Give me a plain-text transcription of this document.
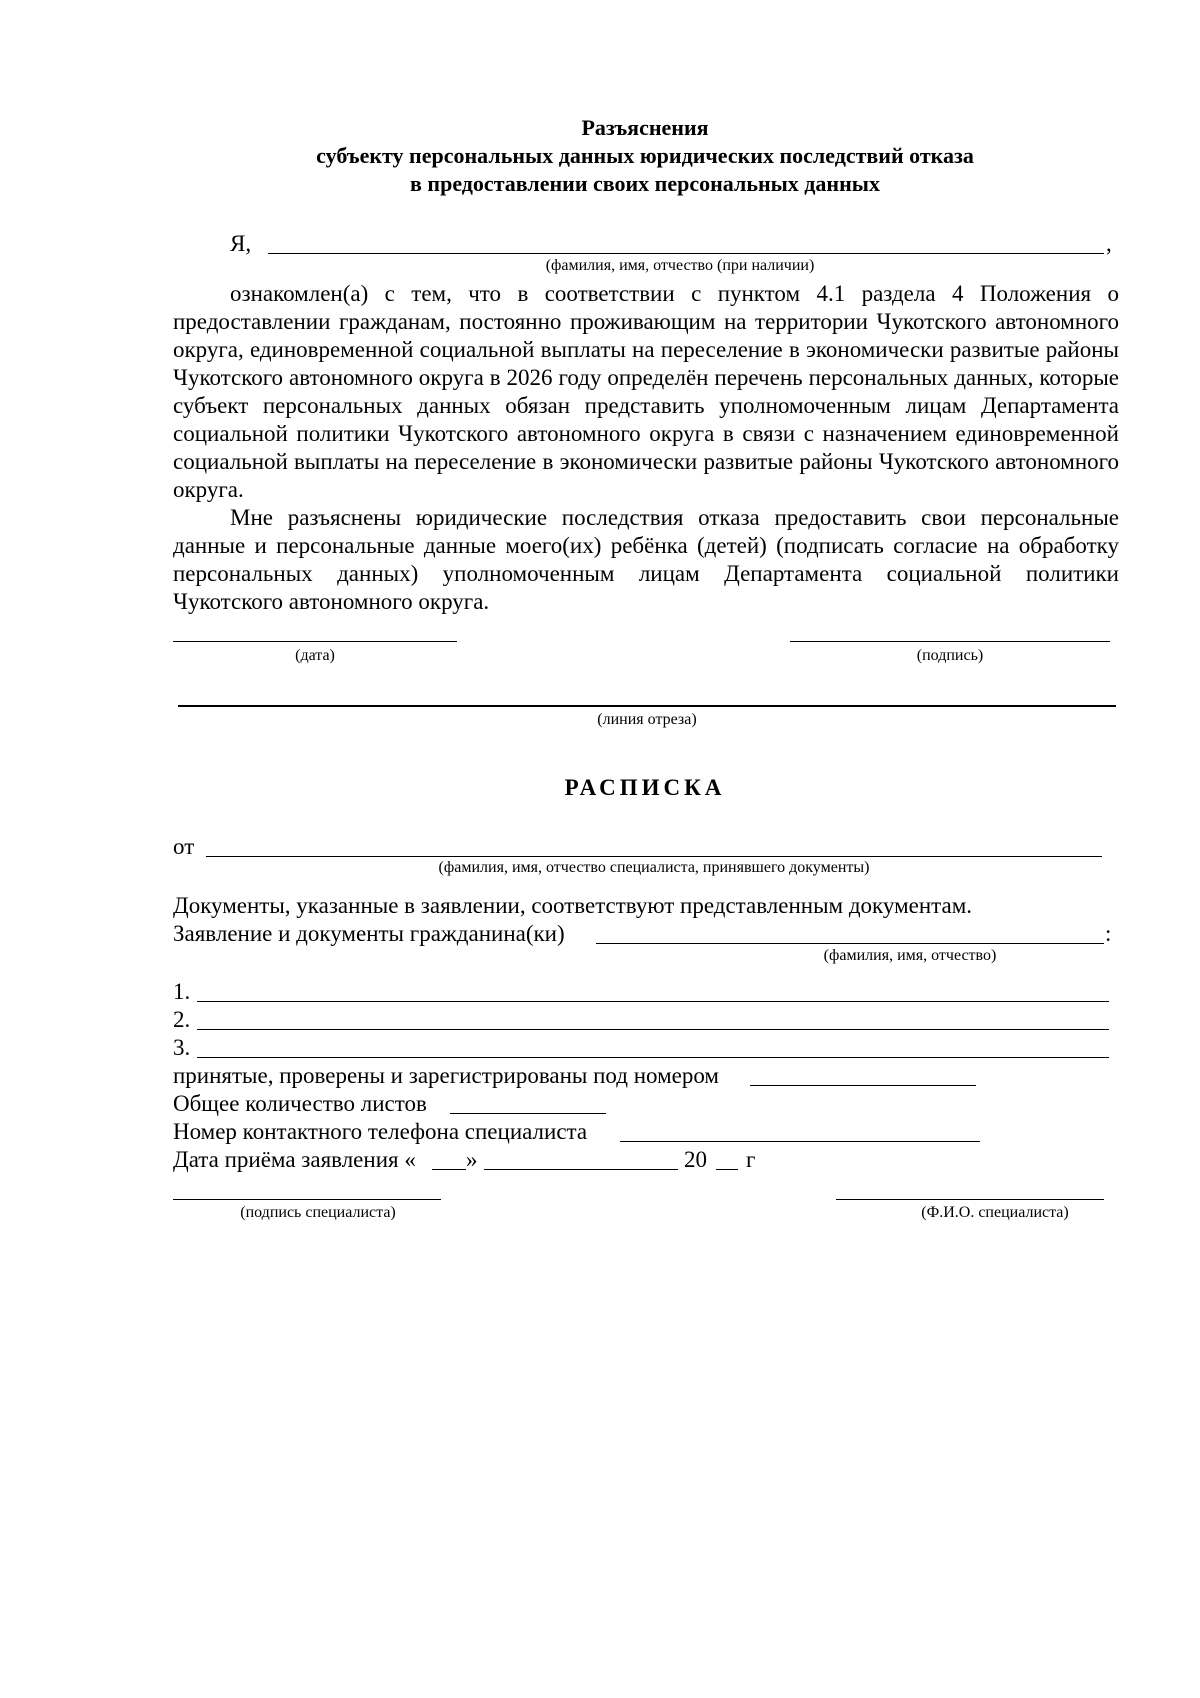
Разъяснения
субъекту персональных данных юридических последствий отказа
в предоставлении своих персональных данных
Я,	,
(фамилия, имя, отчество (при наличии)
ознакомлен(а) с тем, что в соответствии с пунктом 4.1 раздела 4 Положения о предоставлении гражданам, постоянно проживающим на территории Чукотского автономного округа, единовременной социальной выплаты на переселение в экономически развитые районы Чукотского автономного округа в 2026 году определён перечень персональных данных, которые субъект персональных данных обязан представить уполномоченным лицам Департамента социальной политики Чукотского автономного округа в связи с назначением единовременной социальной выплаты на переселение в экономически развитые районы Чукотского автономного округа.
Мне разъяснены юридические последствия отказа предоставить свои персональные данные и персональные данные моего(их) ребёнка (детей) (подписать согласие на обработку персональных данных) уполномоченным лицам Департамента социальной политики Чукотского автономного округа.
(дата)	(подпись)
(линия отреза)
РАСПИСКА
от
(фамилия, имя, отчество специалиста, принявшего документы)
Документы, указанные в заявлении, соответствуют представленным документам.
Заявление и документы гражданина(ки)	:
(фамилия, имя, отчество)
1.
2.
3.
принятые, проверены и зарегистрированы под номером
Общее количество листов
Номер контактного телефона специалиста
Дата приёма заявления « »	20 г
(подпись специалиста)	(Ф.И.О. специалиста)
